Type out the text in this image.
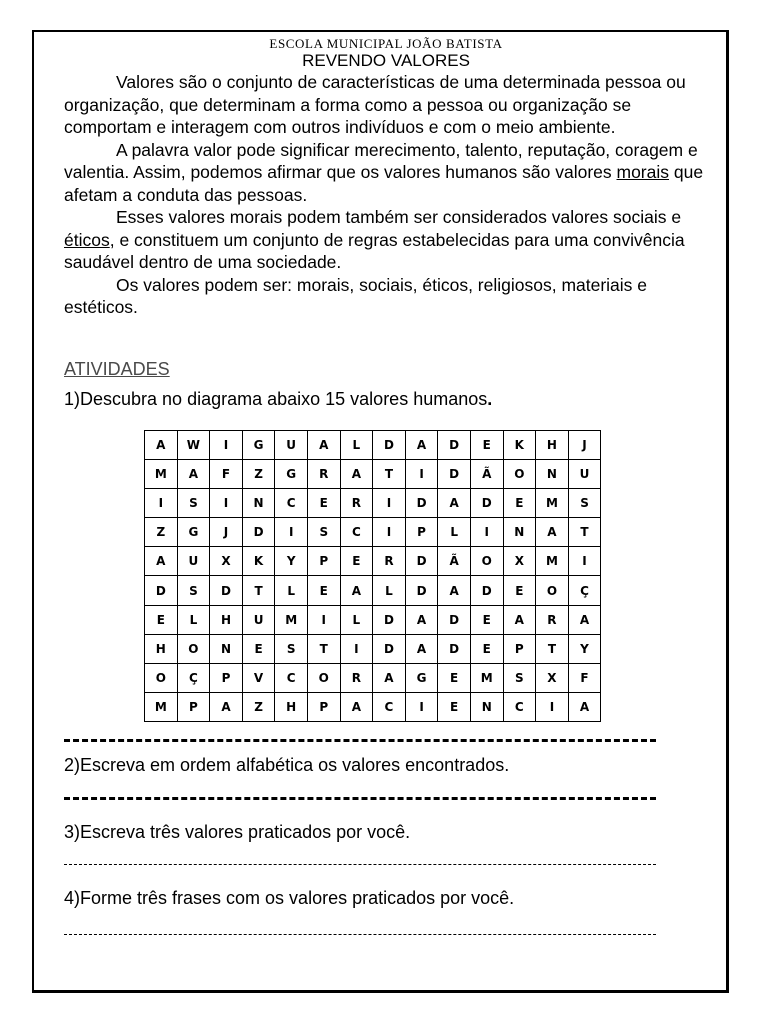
ESCOLA MUNICIPAL JOÃO BATISTA
REVENDO VALORES

Valores são o conjunto de características de uma determinada pessoa ou organização, que determinam a forma como a pessoa ou organização se comportam e interagem com outros indivíduos e com o meio ambiente.

A palavra valor pode significar merecimento, talento, reputação, coragem e valentia. Assim, podemos afirmar que os valores humanos são valores morais que afetam a conduta das pessoas.

Esses valores morais podem também ser considerados valores sociais e éticos, e constituem um conjunto de regras estabelecidas para uma convivência saudável dentro de uma sociedade.

Os valores podem ser: morais, sociais, éticos, religiosos, materiais e estéticos.

ATIVIDADES
1)Descubra no diagrama abaixo 15 valores humanos.
A	W	I	G	U	A	L	D	A	D	E	K	H	J
M	A	F	Z	G	R	A	T	I	D	Ã	O	N	U
I	S	I	N	C	E	R	I	D	A	D	E	M	S
Z	G	J	D	I	S	C	I	P	L	I	N	A	T
A	U	X	K	Y	P	E	R	D	Ã	O	X	M	I
D	S	D	T	L	E	A	L	D	A	D	E	O	Ç
E	L	H	U	M	I	L	D	A	D	E	A	R	A
H	O	N	E	S	T	I	D	A	D	E	P	T	Y
O	Ç	P	V	C	O	R	A	G	E	M	S	X	F
M	P	A	Z	H	P	A	C	I	E	N	C	I	A
2)Escreva em ordem alfabética os valores encontrados.
3)Escreva três valores praticados por você.
4)Forme três frases com os valores praticados por você.
